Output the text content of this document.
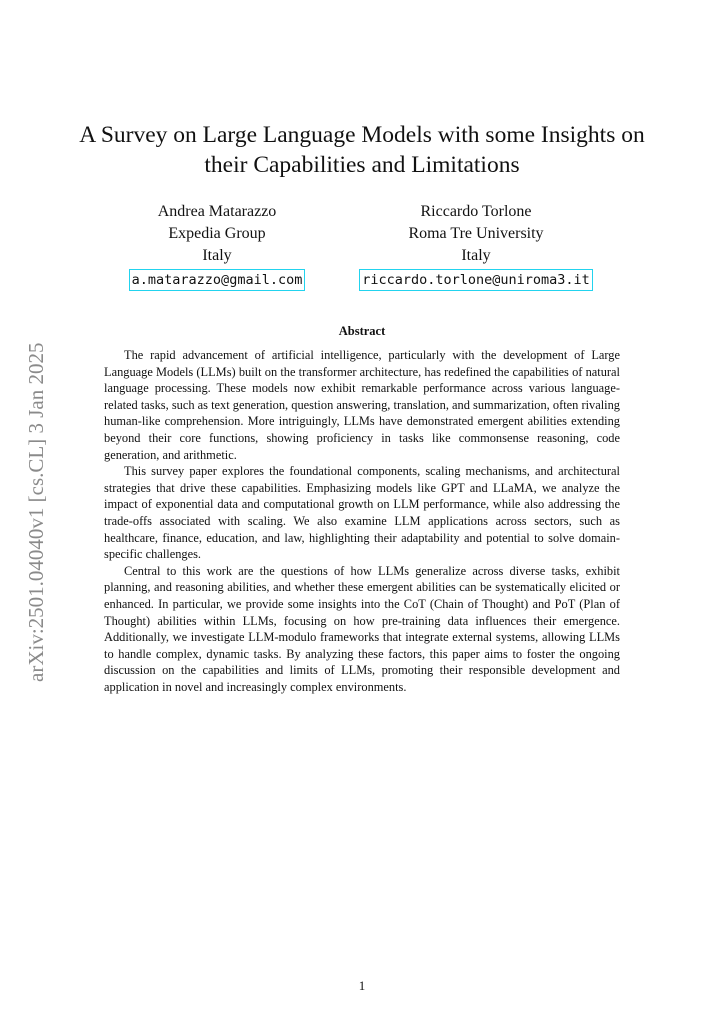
arXiv:2501.04040v1 [cs.CL] 3 Jan 2025
A Survey on Large Language Models with some Insights on their Capabilities and Limitations
Andrea Matarazzo
Expedia Group
Italy
a.matarazzo@gmail.com
Riccardo Torlone
Roma Tre University
Italy
riccardo.torlone@uniroma3.it
Abstract

The rapid advancement of artificial intelligence, particularly with the development of Large Language Models (LLMs) built on the transformer architecture, has redefined the capabilities of natural language processing. These models now exhibit remarkable performance across various language-related tasks, such as text generation, question answering, translation, and summarization, often rivaling human-like comprehension. More intriguingly, LLMs have demonstrated emergent abilities extending beyond their core functions, showing proficiency in tasks like commonsense reasoning, code generation, and arithmetic.

This survey paper explores the foundational components, scaling mechanisms, and architectural strategies that drive these capabilities. Emphasizing models like GPT and LLaMA, we analyze the impact of exponential data and computational growth on LLM performance, while also addressing the trade-offs associated with scaling. We also examine LLM applications across sectors, such as healthcare, finance, education, and law, highlighting their adaptability and potential to solve domain-specific challenges.

Central to this work are the questions of how LLMs generalize across diverse tasks, exhibit planning, and reasoning abilities, and whether these emergent abilities can be systematically elicited or enhanced. In particular, we provide some insights into the CoT (Chain of Thought) and PoT (Plan of Thought) abilities within LLMs, focusing on how pre-training data influences their emergence. Additionally, we investigate LLM-modulo frameworks that integrate external systems, allowing LLMs to handle complex, dynamic tasks. By analyzing these factors, this paper aims to foster the ongoing discussion on the capabilities and limits of LLMs, promoting their responsible development and application in novel and increasingly complex environments.

1
